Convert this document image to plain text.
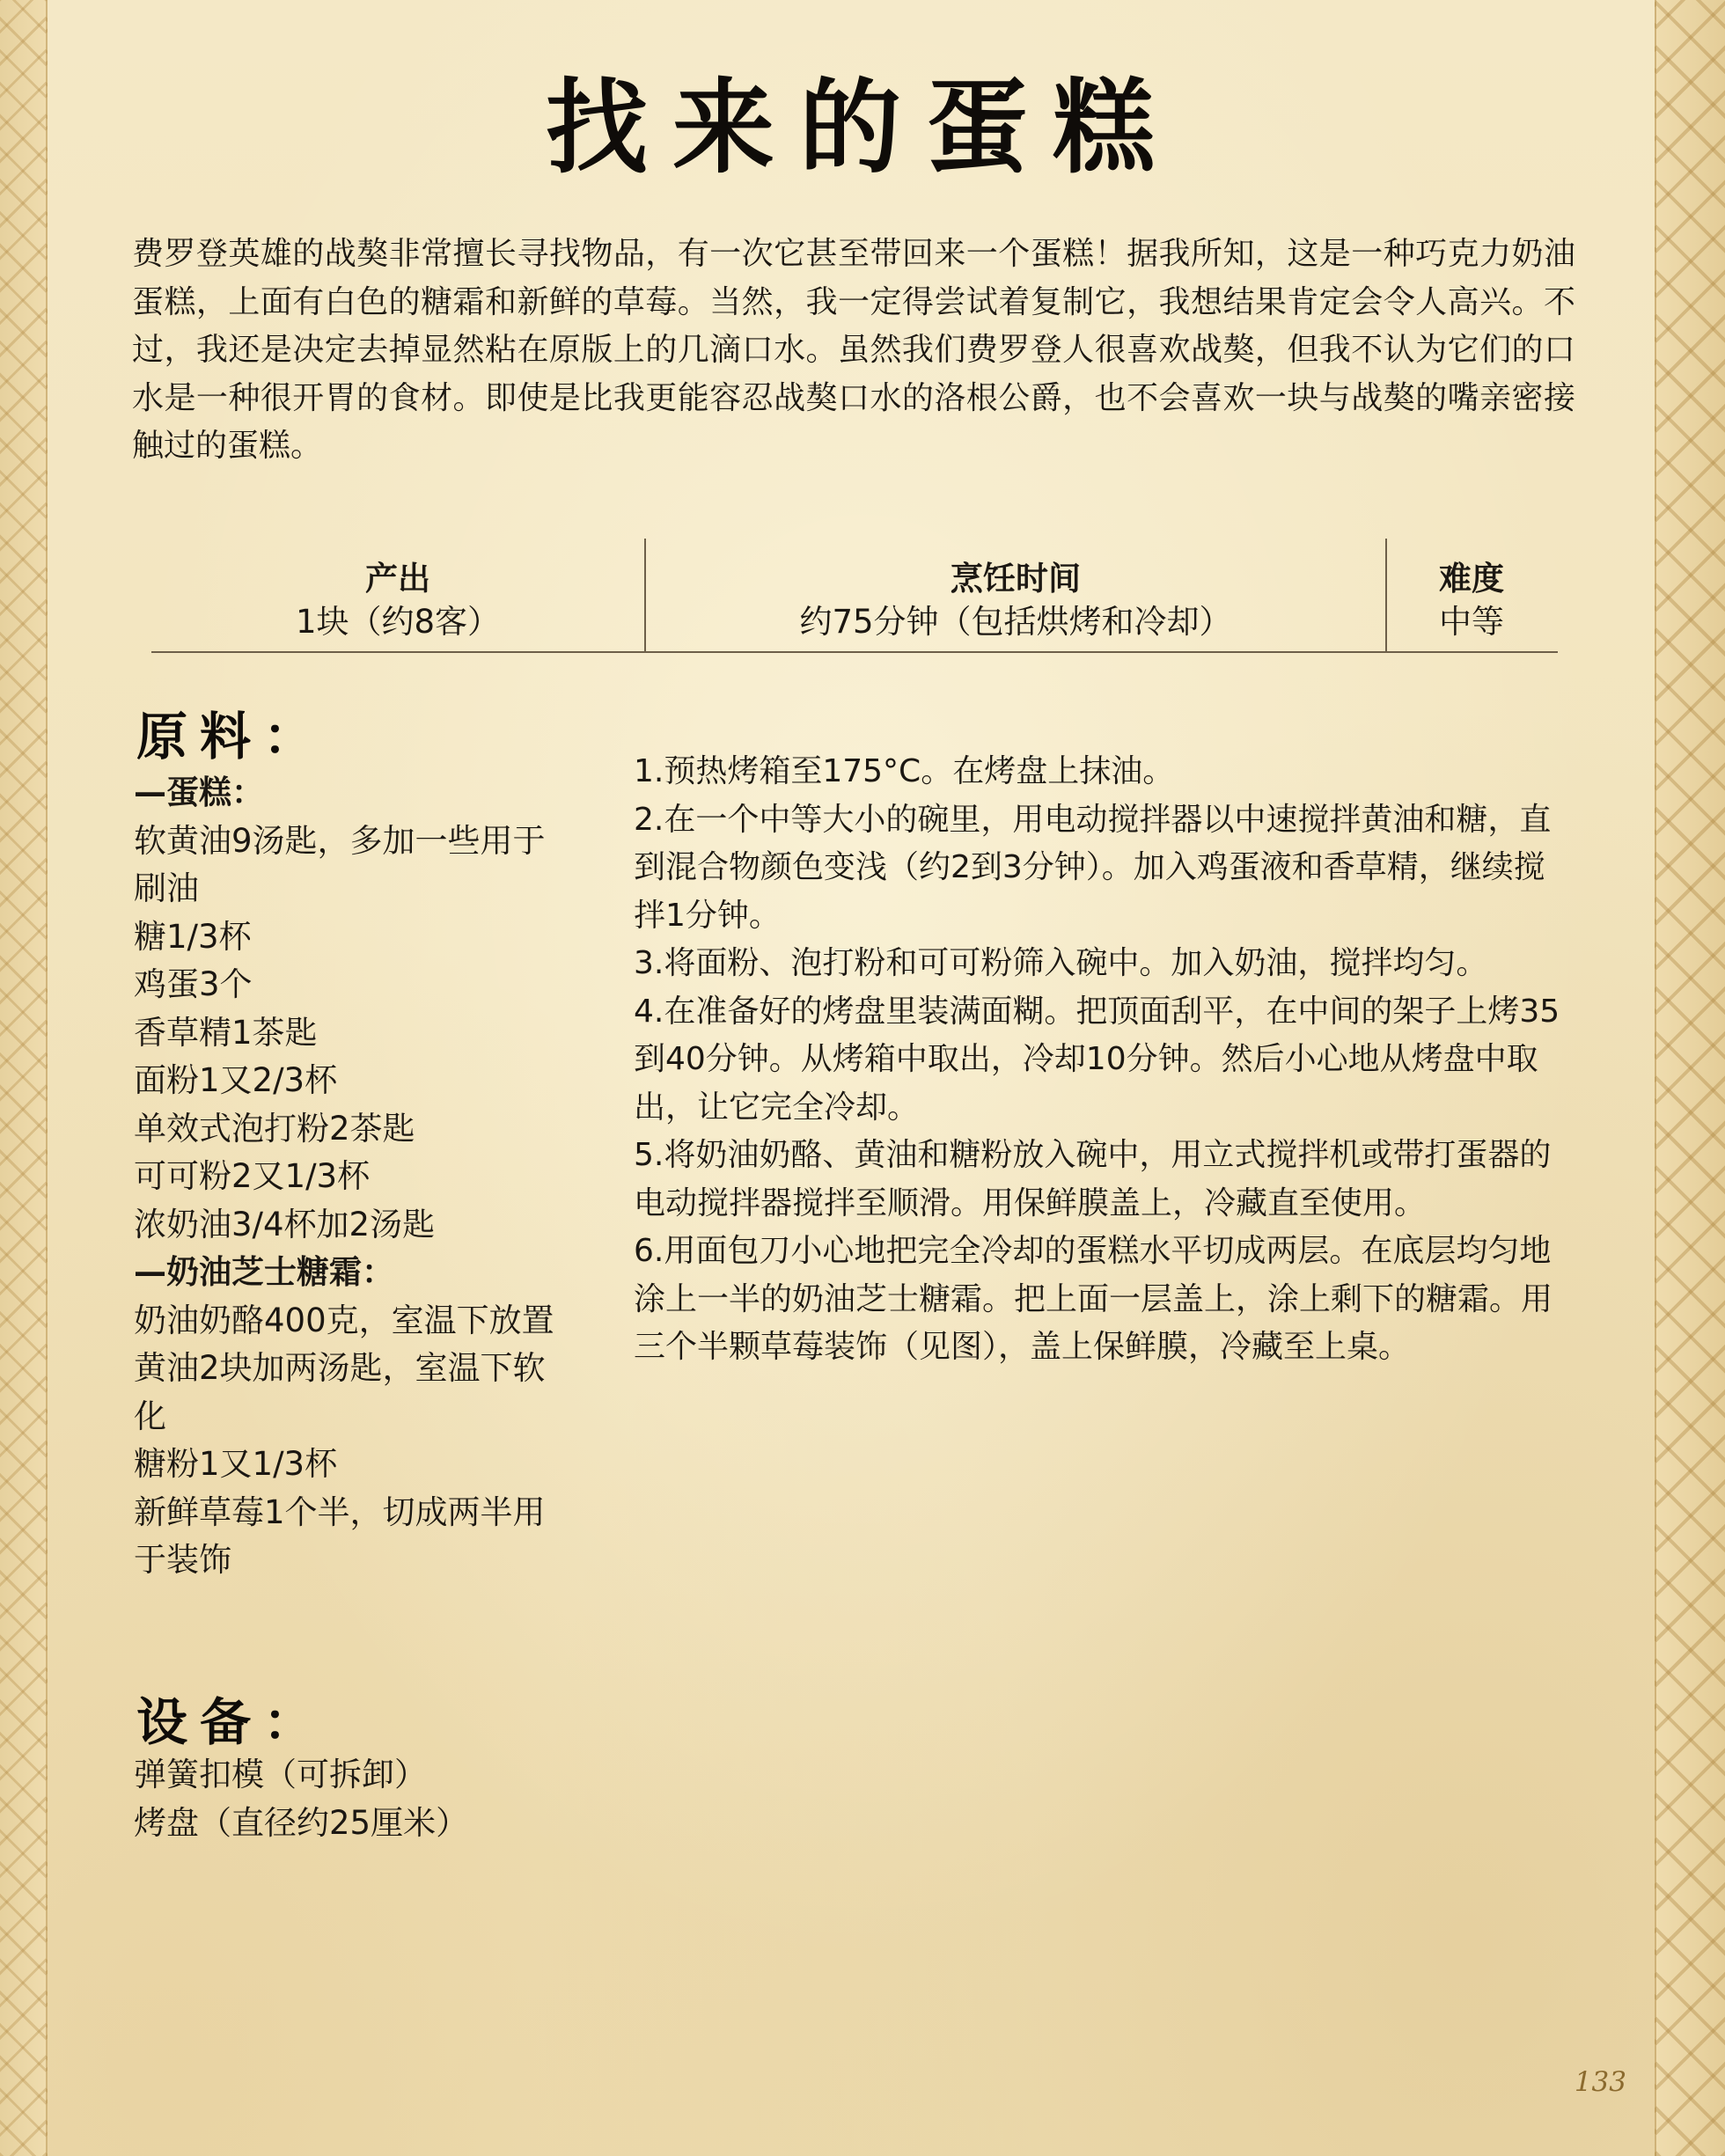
找来的蛋糕
费罗登英雄的战獒非常擅长寻找物品，有一次它甚至带回来一个蛋糕！据我所知，这是一种巧克力奶油蛋糕，上面有白色的糖霜和新鲜的草莓。当然，我一定得尝试着复制它，我想结果肯定会令人高兴。不过，我还是决定去掉显然粘在原版上的几滴口水。虽然我们费罗登人很喜欢战獒，但我不认为它们的口水是一种很开胃的食材。即使是比我更能容忍战獒口水的洛根公爵，也不会喜欢一块与战獒的嘴亲密接触过的蛋糕。
产出
1块（约8客）
烹饪时间
约75分钟（包括烘烤和冷却）
难度
中等
原料：
—蛋糕：
软黄油9汤匙，多加一些用于刷油
糖1/3杯
鸡蛋3个
香草精1茶匙
面粉1又2/3杯
单效式泡打粉2茶匙
可可粉2又1/3杯
浓奶油3/4杯加2汤匙
—奶油芝士糖霜：
奶油奶酪400克，室温下放置
黄油2块加两汤匙，室温下软化
糖粉1又1/3杯
新鲜草莓1个半，切成两半用于装饰
设备：
弹簧扣模（可拆卸）
烤盘（直径约25厘米）
1.预热烤箱至175°C。在烤盘上抹油。
2.在一个中等大小的碗里，用电动搅拌器以中速搅拌黄油和糖，直到混合物颜色变浅（约2到3分钟）。加入鸡蛋液和香草精，继续搅拌1分钟。
3.将面粉、泡打粉和可可粉筛入碗中。加入奶油，搅拌均匀。
4.在准备好的烤盘里装满面糊。把顶面刮平，在中间的架子上烤35到40分钟。从烤箱中取出，冷却10分钟。然后小心地从烤盘中取出，让它完全冷却。
5.将奶油奶酪、黄油和糖粉放入碗中，用立式搅拌机或带打蛋器的电动搅拌器搅拌至顺滑。用保鲜膜盖上，冷藏直至使用。
6.用面包刀小心地把完全冷却的蛋糕水平切成两层。在底层均匀地涂上一半的奶油芝士糖霜。把上面一层盖上，涂上剩下的糖霜。用三个半颗草莓装饰（见图），盖上保鲜膜，冷藏至上桌。
133
